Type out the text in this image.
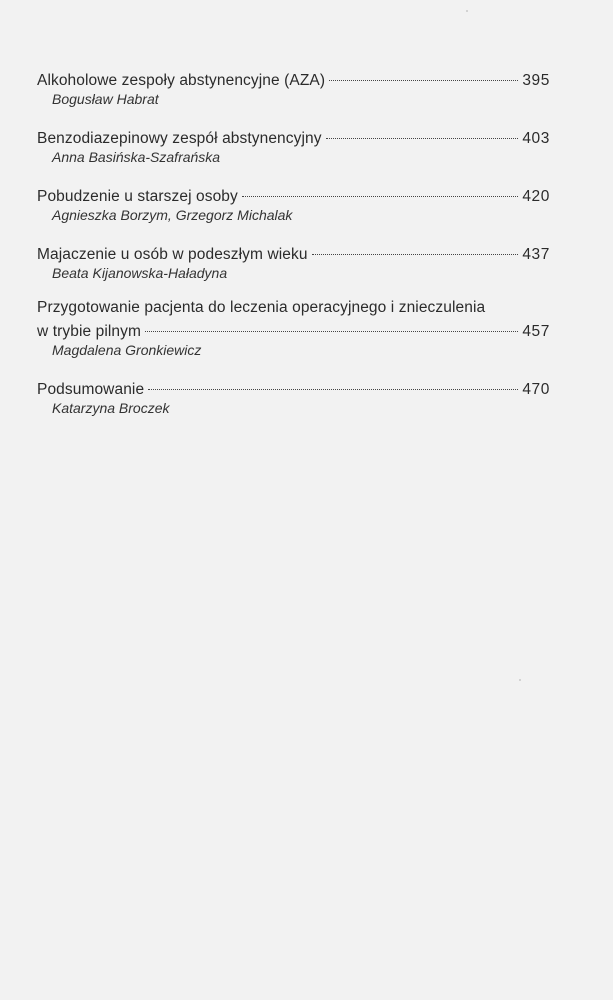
Alkoholowe zespoły abstynencyjne (AZA)	395
Bogusław Habrat
Benzodiazepinowy zespół abstynencyjny	403
Anna Basińska-Szafrańska
Pobudzenie u starszej osoby	420
Agnieszka Borzym, Grzegorz Michalak
Majaczenie u osób w podeszłym wieku	437
Beata Kijanowska-Haładyna
Przygotowanie pacjenta do leczenia operacyjnego i znieczulenia
w trybie pilnym	457
Magdalena Gronkiewicz
Podsumowanie	470
Katarzyna Broczek
